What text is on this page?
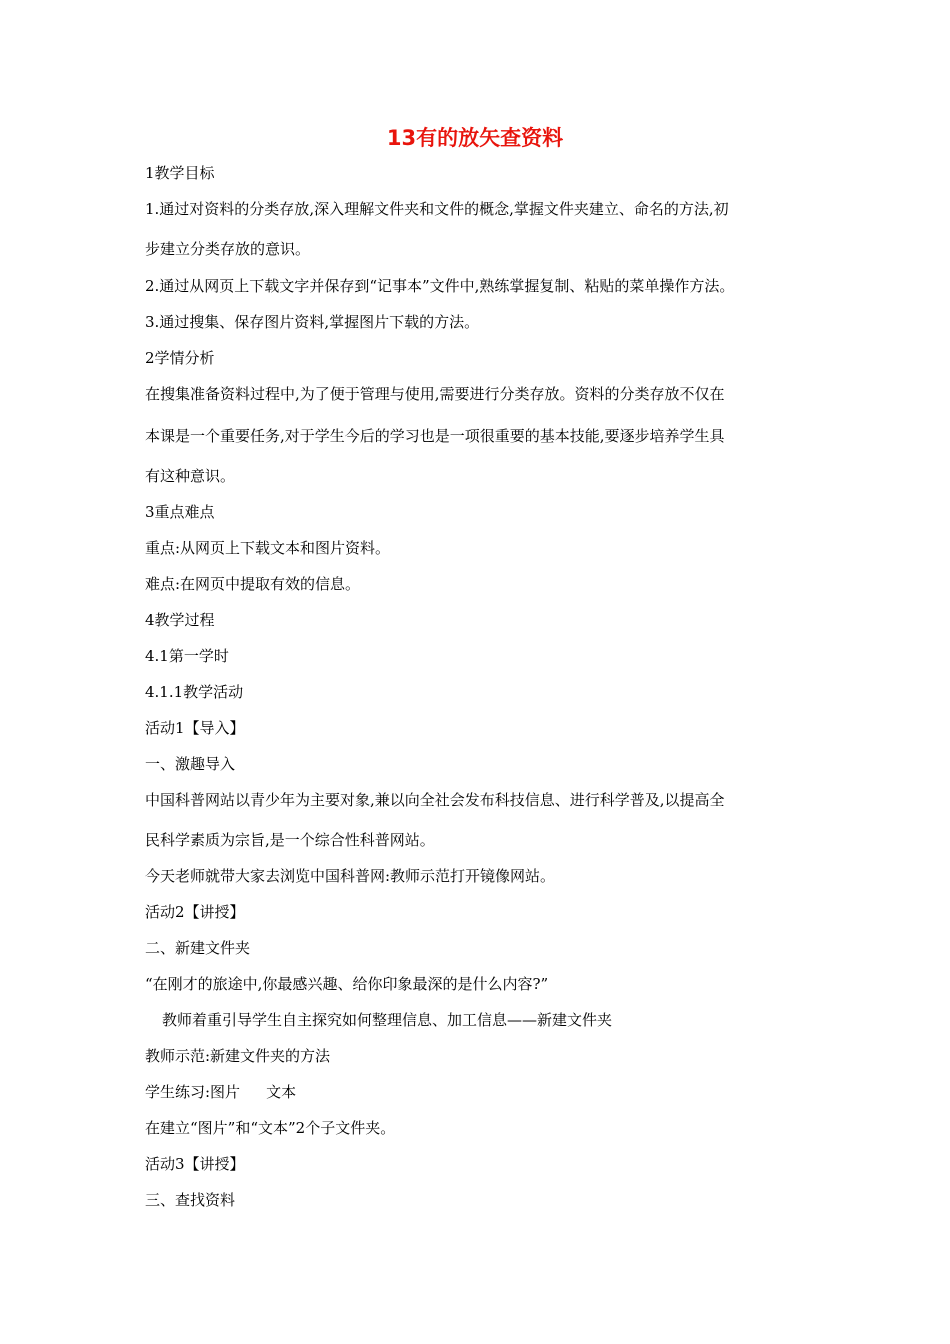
13有的放矢查资料
1教学目标
1.通过对资料的分类存放,深入理解文件夹和文件的概念,掌握文件夹建立、命名的方法,初
步建立分类存放的意识。
2.通过从网页上下载文字并保存到“记事本”文件中,熟练掌握复制、粘贴的菜单操作方法。
3.通过搜集、保存图片资料,掌握图片下载的方法。
2学情分析
在搜集准备资料过程中,为了便于管理与使用,需要进行分类存放。资料的分类存放不仅在
本课是一个重要任务,对于学生今后的学习也是一项很重要的基本技能,要逐步培养学生具
有这种意识。
3重点难点
重点:从网页上下载文本和图片资料。
难点:在网页中提取有效的信息。
4教学过程
4.1第一学时
4.1.1教学活动
活动1【导入】
一、激趣导入
中国科普网站以青少年为主要对象,兼以向全社会发布科技信息、进行科学普及,以提高全
民科学素质为宗旨,是一个综合性科普网站。
今天老师就带大家去浏览中国科普网:教师示范打开镜像网站。
活动2【讲授】
二、新建文件夹
“在刚才的旅途中,你最感兴趣、给你印象最深的是什么内容?”
教师着重引导学生自主探究如何整理信息、加工信息——新建文件夹
教师示范:新建文件夹的方法
学生练习:图片 文本
在建立“图片”和“文本”2个子文件夹。
活动3【讲授】
三、查找资料
